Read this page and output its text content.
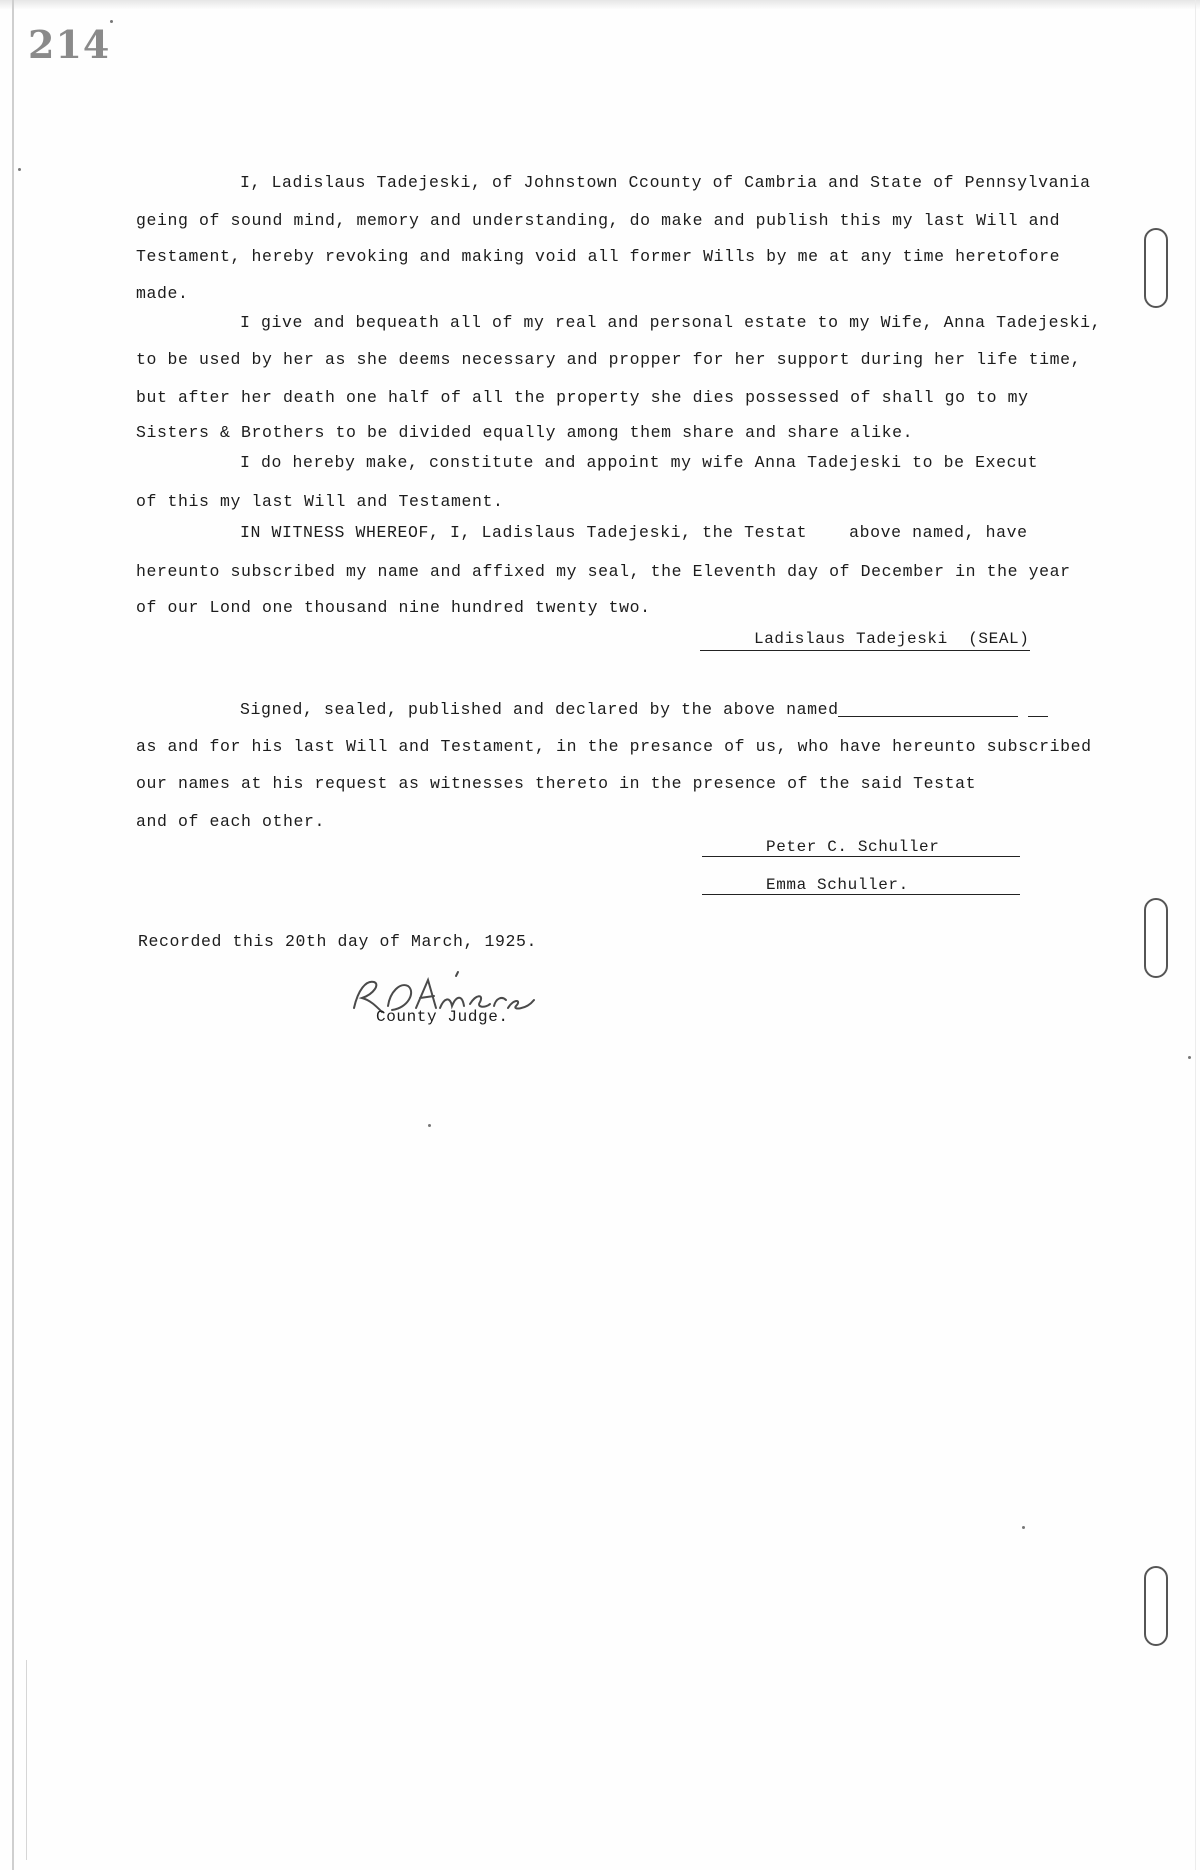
214
I, Ladislaus Tadejeski, of Johnstown Ccounty of Cambria and State of Pennsylvania
geing of sound mind, memory and understanding, do make and publish this my last Will and
Testament, hereby revoking and making void all former Wills by me at any time heretofore
made.
I give and bequeath all of my real and personal estate to my Wife, Anna Tadejeski,
to be used by her as she deems necessary and propper for her support during her life time,
but after her death one half of all the property she dies possessed of shall go to my
Sisters & Brothers to be divided equally among them share and share alike.
I do hereby make, constitute and appoint my wife Anna Tadejeski to be Execut
of this my last Will and Testament.
IN WITNESS WHEREOF, I, Ladislaus Tadejeski, the Testat    above named, have
hereunto subscribed my name and affixed my seal, the Eleventh day of December in the year
of our Lond one thousand nine hundred twenty two.
Ladislaus Tadejeski  (SEAL)
Signed, sealed, published and declared by the above named
as and for his last Will and Testament, in the presance of us, who have hereunto subscribed
our names at his request as witnesses thereto in the presence of the said Testat
and of each other.
Peter C. Schuller
Emma Schuller.
Recorded this 20th day of March, 1925.
County Judge.
